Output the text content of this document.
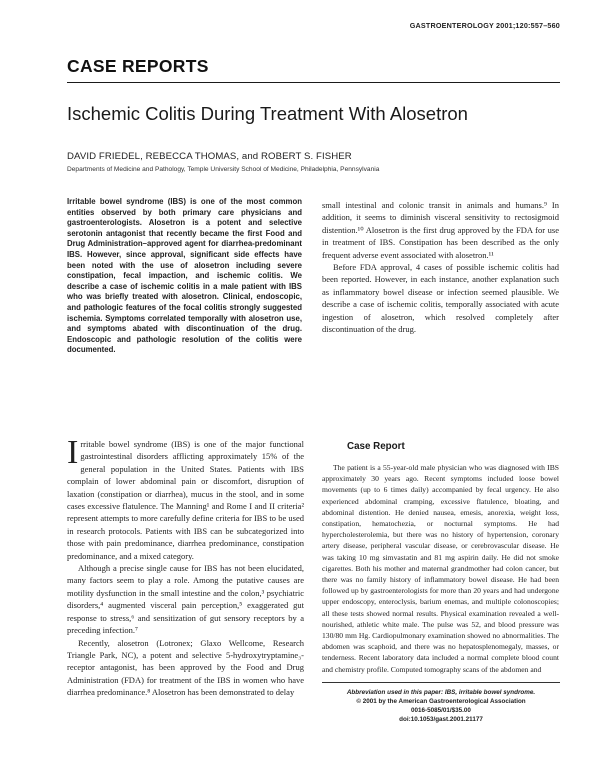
GASTROENTEROLOGY 2001;120:557–560
CASE REPORTS
Ischemic Colitis During Treatment With Alosetron
DAVID FRIEDEL, REBECCA THOMAS, and ROBERT S. FISHER
Departments of Medicine and Pathology, Temple University School of Medicine, Philadelphia, Pennsylvania
Irritable bowel syndrome (IBS) is one of the most common entities observed by both primary care physicians and gastroenterologists. Alosetron is a potent and selective serotonin antagonist that recently became the first Food and Drug Administration–approved agent for diarrhea-predominant IBS. However, since approval, significant side effects have been noted with the use of alosetron including severe constipation, fecal impaction, and ischemic colitis. We describe a case of ischemic colitis in a male patient with IBS who was briefly treated with alosetron. Clinical, endoscopic, and pathologic features of the focal colitis strongly suggested ischemia. Symptoms correlated temporally with alosetron use, and symptoms abated with discontinuation of the drug. Endoscopic and pathologic resolution of the colitis were documented.

Irritable bowel syndrome (IBS) is one of the major functional gastrointestinal disorders afflicting approximately 15% of the general population in the United States. Patients with IBS complain of lower abdominal pain or discomfort, disruption of laxation (constipation or diarrhea), mucus in the stool, and in some cases excessive flatulence. The Manning¹ and Rome I and II criteria² represent attempts to more carefully define criteria for IBS to be used in research protocols. Patients with IBS can be subcategorized into those with pain predominance, diarrhea predominance, constipation predominance, and a mixed category.

Although a precise single cause for IBS has not been elucidated, many factors seem to play a role. Among the putative causes are motility dysfunction in the small intestine and the colon,³ psychiatric disorders,⁴ augmented visceral pain perception,⁵ exaggerated gut response to stress,⁶ and sensitization of gut sensory receptors by a preceding infection.⁷

Recently, alosetron (Lotronex; Glaxo Wellcome, Research Triangle Park, NC), a potent and selective 5-hydroxytryptamine₃-receptor antagonist, has been approved by the Food and Drug Administration (FDA) for treatment of the IBS in women who have diarrhea predominance.⁸ Alosetron has been demonstrated to delay

small intestinal and colonic transit in animals and humans.⁹ In addition, it seems to diminish visceral sensitivity to rectosigmoid distention.¹⁰ Alosetron is the first drug approved by the FDA for use in treatment of IBS. Constipation has been described as the only frequent adverse event associated with alosetron.¹¹

Before FDA approval, 4 cases of possible ischemic colitis had been reported. However, in each instance, another explanation such as inflammatory bowel disease or infection seemed plausible. We describe a case of ischemic colitis, temporally associated with acute ingestion of alosetron, which resolved completely after discontinuation of the drug.

Case Report

The patient is a 55-year-old male physician who was diagnosed with IBS approximately 30 years ago. Recent symptoms included loose bowel movements (up to 6 times daily) accompanied by fecal urgency. He also experienced abdominal cramping, excessive flatulence, bloating, and abdominal distention. He denied nausea, emesis, anorexia, weight loss, constipation, hematochezia, or nocturnal symptoms. He had hypercholesterolemia, but there was no history of hypertension, coronary artery disease, peripheral vascular disease, or cerebrovascular disease. He was taking 10 mg simvastatin and 81 mg aspirin daily. He did not smoke cigarettes. Both his mother and maternal grandmother had colon cancer, but there was no family history of inflammatory bowel disease. He had been followed up by gastroenterologists for more than 20 years and had undergone upper endoscopy, enteroclysis, barium enemas, and multiple colonoscopies; all these tests showed normal results. Physical examination revealed a well-nourished, athletic white male. The pulse was 52, and blood pressure was 130/80 mm Hg. Cardiopulmonary examination showed no abnormalities. The abdomen was scaphoid, and there was no hepatosplenomegaly, masses, or tenderness. Recent laboratory data included a normal complete blood count and chemistry profile. Computed tomography scans of the abdomen and

Abbreviation used in this paper: IBS, irritable bowel syndrome.
© 2001 by the American Gastroenterological Association
0016-5085/01/$35.00
doi:10.1053/gast.2001.21177
